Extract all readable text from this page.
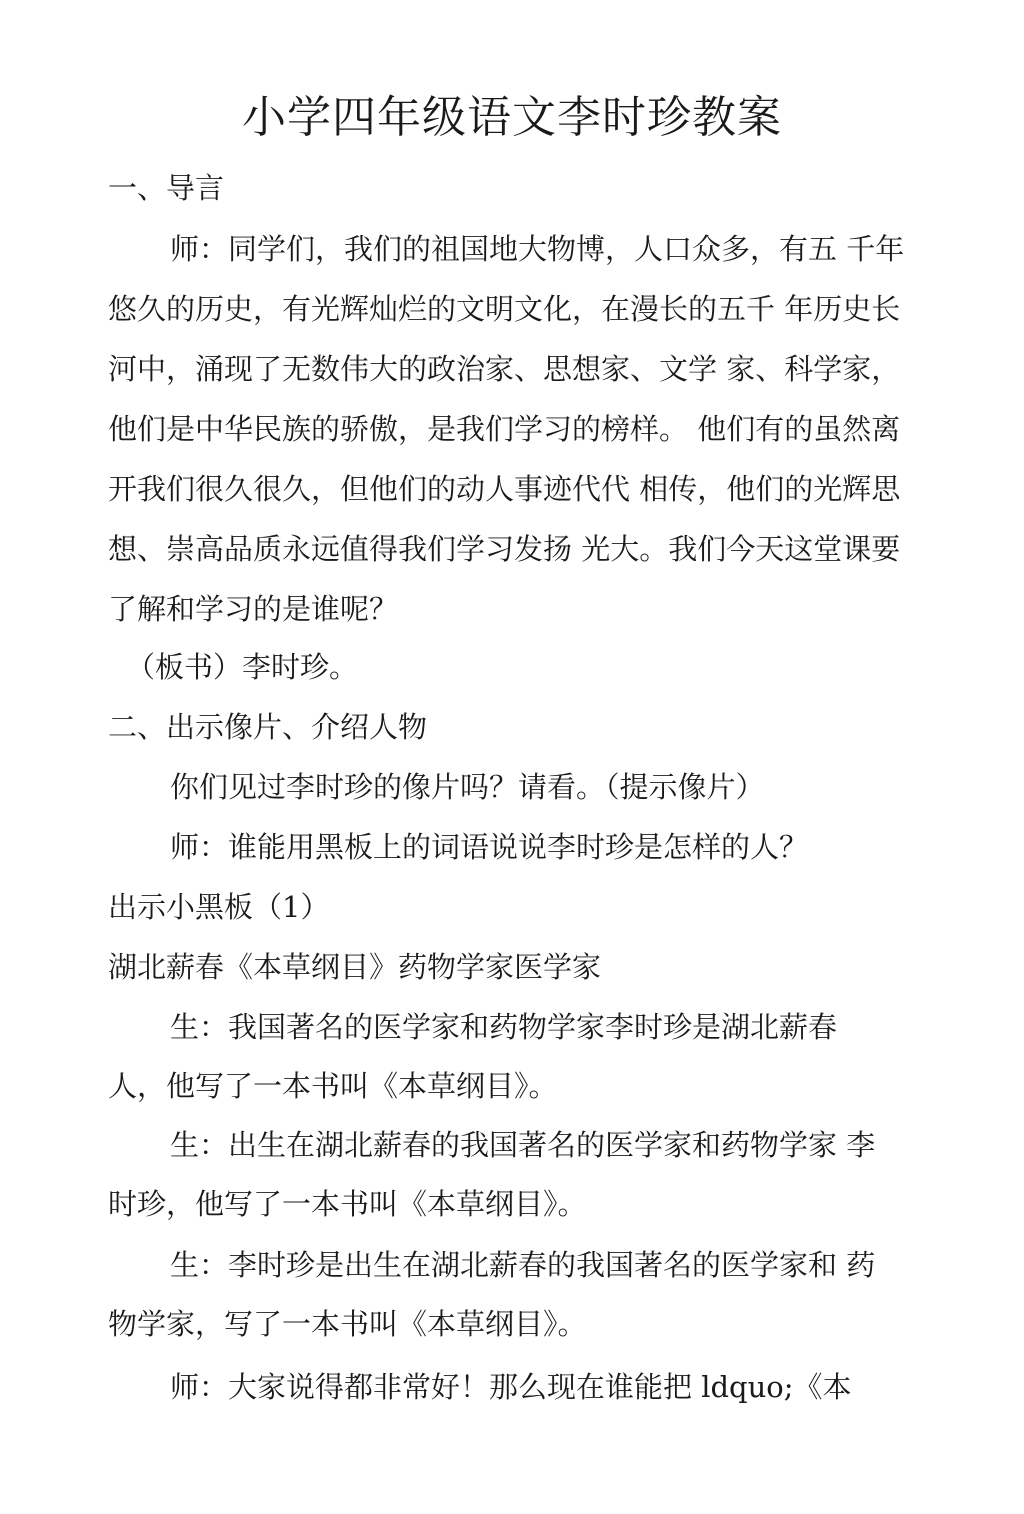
小学四年级语文李时珍教案

一、导言

师：同学们，我们的祖国地大物博，人口众多，有五 千年

悠久的历史，有光辉灿烂的文明文化，在漫长的五千 年历史长

河中，涌现了无数伟大的政治家、思想家、文学 家、科学家，

他们是中华民族的骄傲，是我们学习的榜样。 他们有的虽然离

开我们很久很久，但他们的动人事迹代代 相传，他们的光辉思

想、崇高品质永远值得我们学习发扬 光大。我们今天这堂课要

了解和学习的是谁呢？

（板书）李时珍。

二、出示像片、介绍人物

你们见过李时珍的像片吗？请看。（提示像片）

师：谁能用黑板上的词语说说李时珍是怎样的人？

出示小黑板（1）

湖北薪春《本草纲目》药物学家医学家

生：我国著名的医学家和药物学家李时珍是湖北薪春

人，他写了一本书叫《本草纲目》。

生：出生在湖北薪春的我国著名的医学家和药物学家 李

时珍，他写了一本书叫《本草纲目》。

生：李时珍是出生在湖北薪春的我国著名的医学家和 药

物学家，写了一本书叫《本草纲目》。

师：大家说得都非常好！那么现在谁能把 ldquo;《本
